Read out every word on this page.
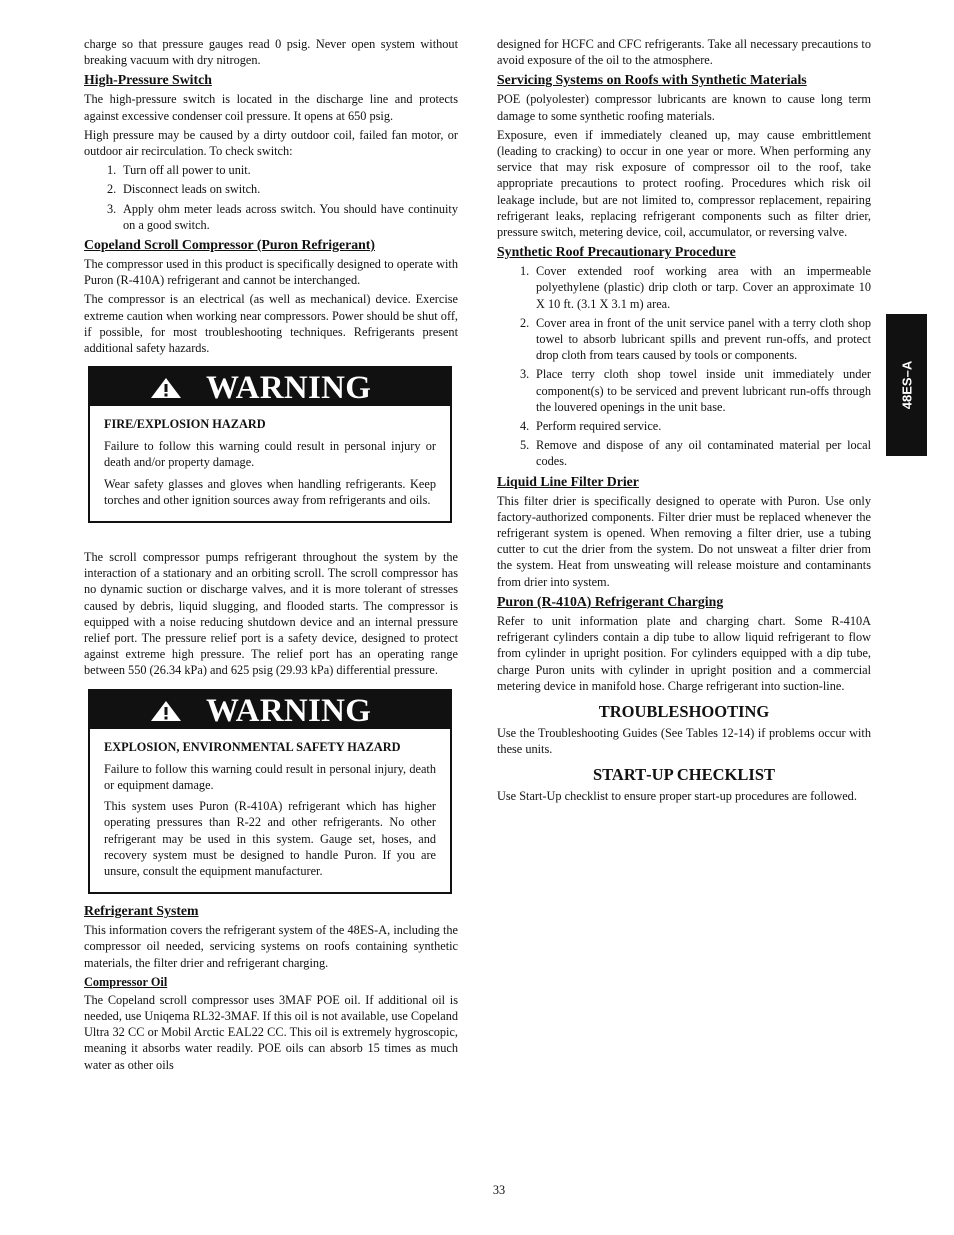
charge so that pressure gauges read 0 psig. Never open system without breaking vacuum with dry nitrogen.

High‑Pressure Switch

The high‑pressure switch is located in the discharge line and protects against excessive condenser coil pressure. It opens at 650 psig.

High pressure may be caused by a dirty outdoor coil, failed fan motor, or outdoor air recirculation. To check switch:

1. Turn off all power to unit.
2. Disconnect leads on switch.
3. Apply ohm meter leads across switch. You should have continuity on a good switch.
Copeland Scroll Compressor (Puron Refrigerant)

The compressor used in this product is specifically designed to operate with Puron (R‑410A) refrigerant and cannot be interchanged.

The compressor is an electrical (as well as mechanical) device. Exercise extreme caution when working near compressors. Power should be shut off, if possible, for most troubleshooting techniques. Refrigerants present additional safety hazards.

WARNING

FIRE/EXPLOSION HAZARD

Failure to follow this warning could result in personal injury or death and/or property damage.

Wear safety glasses and gloves when handling refrigerants. Keep torches and other ignition sources away from refrigerants and oils.

The scroll compressor pumps refrigerant throughout the system by the interaction of a stationary and an orbiting scroll. The scroll compressor has no dynamic suction or discharge valves, and it is more tolerant of stresses caused by debris, liquid slugging, and flooded starts. The compressor is equipped with a noise reducing shutdown device and an internal pressure relief port. The pressure relief port is a safety device, designed to protect against extreme high pressure. The relief port has an operating range between 550 (26.34 kPa) and 625 psig (29.93 kPa) differential pressure.

WARNING

EXPLOSION, ENVIRONMENTAL SAFETY HAZARD

Failure to follow this warning could result in personal injury, death or equipment damage.

This system uses Puron (R‑410A) refrigerant which has higher operating pressures than R‑22 and other refrigerants. No other refrigerant may be used in this system. Gauge set, hoses, and recovery system must be designed to handle Puron. If you are unsure, consult the equipment manufacturer.

Refrigerant System

This information covers the refrigerant system of the 48ES‑A, including the compressor oil needed, servicing systems on roofs containing synthetic materials, the filter drier and refrigerant charging.

Compressor Oil

The Copeland scroll compressor uses 3MAF POE oil. If additional oil is needed, use Uniqema RL32‑3MAF. If this oil is not available, use Copeland Ultra 32 CC or Mobil Arctic EAL22 CC. This oil is extremely hygroscopic, meaning it absorbs water readily. POE oils can absorb 15 times as much water as other oils

designed for HCFC and CFC refrigerants. Take all necessary precautions to avoid exposure of the oil to the atmosphere.

Servicing Systems on Roofs with Synthetic Materials

POE (polyolester) compressor lubricants are known to cause long term damage to some synthetic roofing materials.

Exposure, even if immediately cleaned up, may cause embrittlement (leading to cracking) to occur in one year or more. When performing any service that may risk exposure of compressor oil to the roof, take appropriate precautions to protect roofing. Procedures which risk oil leakage include, but are not limited to, compressor replacement, repairing refrigerant leaks, replacing refrigerant components such as filter drier, pressure switch, metering device, coil, accumulator, or reversing valve.

Synthetic Roof Precautionary Procedure
1. Cover extended roof working area with an impermeable polyethylene (plastic) drip cloth or tarp. Cover an approximate 10 X 10 ft. (3.1 X 3.1 m) area.
2. Cover area in front of the unit service panel with a terry cloth shop towel to absorb lubricant spills and prevent run‑offs, and protect drop cloth from tears caused by tools or components.
3. Place terry cloth shop towel inside unit immediately under component(s) to be serviced and prevent lubricant run‑offs through the louvered openings in the unit base.
4. Perform required service.
5. Remove and dispose of any oil contaminated material per local codes.
Liquid Line Filter Drier

This filter drier is specifically designed to operate with Puron. Use only factory‑authorized components. Filter drier must be replaced whenever the refrigerant system is opened. When removing a filter drier, use a tubing cutter to cut the drier from the system. Do not unsweat a filter drier from the system. Heat from unsweating will release moisture and contaminants from drier into system.

Puron (R‑410A) Refrigerant Charging

Refer to unit information plate and charging chart. Some R‑410A refrigerant cylinders contain a dip tube to allow liquid refrigerant to flow from cylinder in upright position. For cylinders equipped with a dip tube, charge Puron units with cylinder in upright position and a commercial metering device in manifold hose. Charge refrigerant into suction‑line.

TROUBLESHOOTING

Use the Troubleshooting Guides (See Tables 12‑14) if problems occur with these units.

START‑UP CHECKLIST

Use Start‑Up checklist to ensure proper start‑up procedures are followed.

48ES–A
33
